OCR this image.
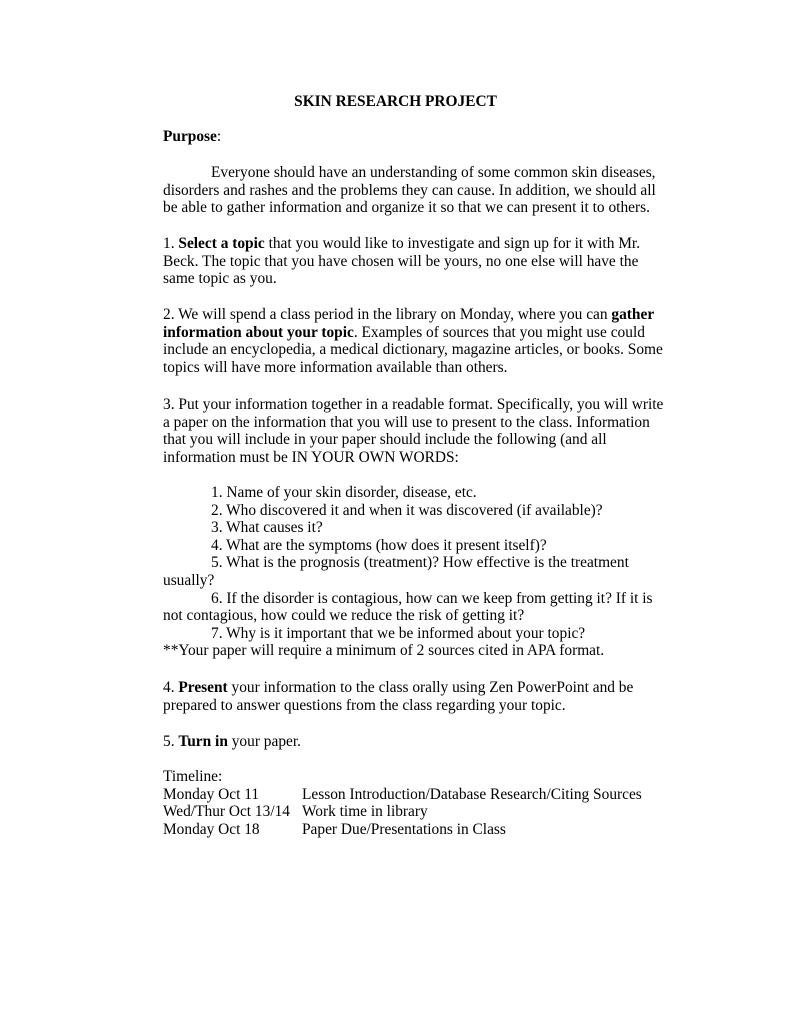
SKIN RESEARCH PROJECT
Purpose:
Everyone should have an understanding of some common skin diseases,
disorders and rashes and the problems they can cause. In addition, we should all
be able to gather information and organize it so that we can present it to others.
1. Select a topic that you would like to investigate and sign up for it with Mr.
Beck. The topic that you have chosen will be yours, no one else will have the
same topic as you.
2. We will spend a class period in the library on Monday, where you can gather
information about your topic. Examples of sources that you might use could
include an encyclopedia, a medical dictionary, magazine articles, or books. Some
topics will have more information available than others.
3. Put your information together in a readable format. Specifically, you will write
a paper on the information that you will use to present to the class. Information
that you will include in your paper should include the following (and all
information must be IN YOUR OWN WORDS:
1. Name of your skin disorder, disease, etc.
2. Who discovered it and when it was discovered (if available)?
3. What causes it?
4. What are the symptoms (how does it present itself)?
5. What is the prognosis (treatment)? How effective is the treatment
usually?
6. If the disorder is contagious, how can we keep from getting it? If it is
not contagious, how could we reduce the risk of getting it?
7. Why is it important that we be informed about your topic?
**Your paper will require a minimum of 2 sources cited in APA format.
4. Present your information to the class orally using Zen PowerPoint and be
prepared to answer questions from the class regarding your topic.
5. Turn in your paper.
Timeline:
Monday Oct 11	Lesson Introduction/Database Research/Citing Sources
Wed/Thur Oct 13/14 Work time in library
Monday Oct 18	Paper Due/Presentations in Class
